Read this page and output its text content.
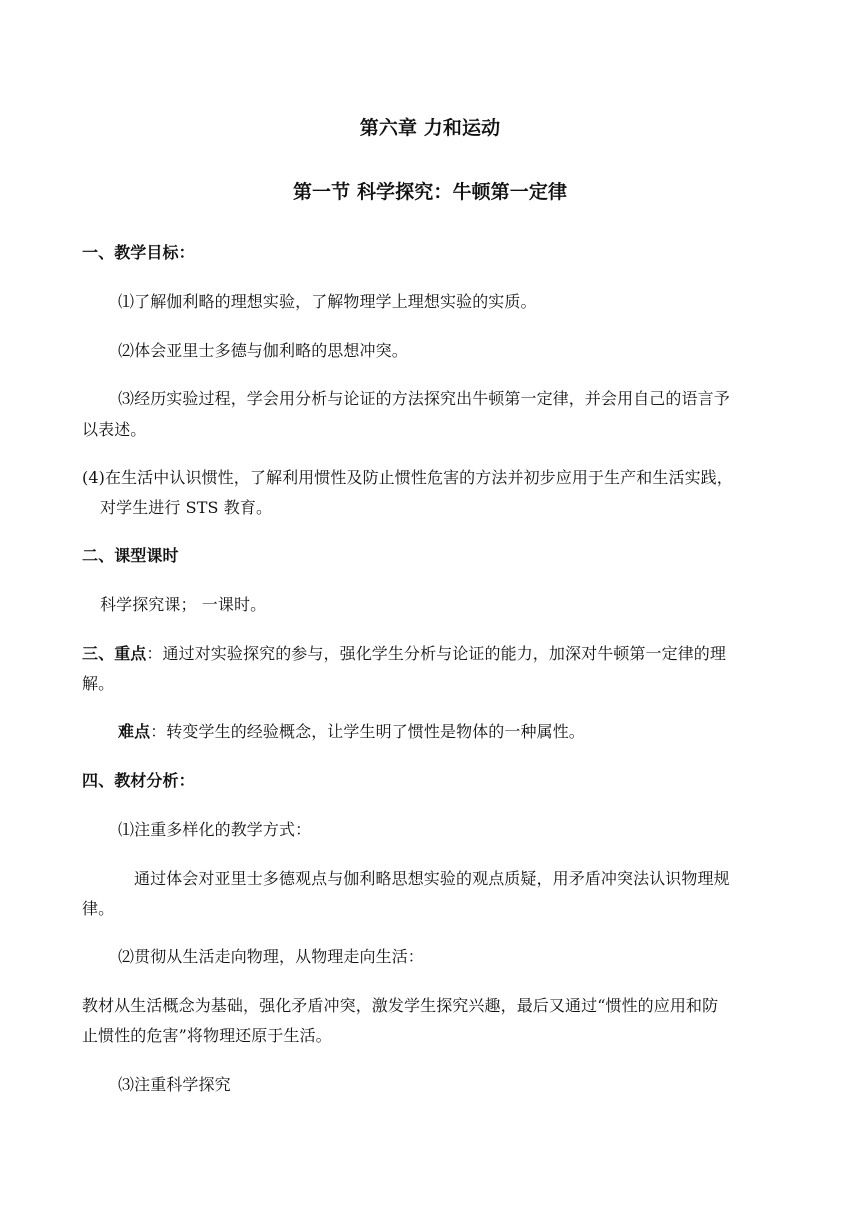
第六章 力和运动
第一节 科学探究：牛顿第一定律
一、教学目标：
⑴了解伽利略的理想实验，了解物理学上理想实验的实质。
⑵体会亚里士多德与伽利略的思想冲突。
⑶经历实验过程，学会用分析与论证的方法探究出牛顿第一定律，并会用自己的语言予
以表述。
(4)在生活中认识惯性，了解利用惯性及防止惯性危害的方法并初步应用于生产和生活实践，
对学生进行 STS 教育。
二、课型课时
科学探究课； 一课时。
三、重点：通过对实验探究的参与，强化学生分析与论证的能力，加深对牛顿第一定律的理
解。
难点：转变学生的经验概念，让学生明了惯性是物体的一种属性。
四、教材分析：
⑴注重多样化的教学方式：
通过体会对亚里士多德观点与伽利略思想实验的观点质疑，用矛盾冲突法认识物理规
律。
⑵贯彻从生活走向物理，从物理走向生活：
教材从生活概念为基础，强化矛盾冲突，激发学生探究兴趣，最后又通过“惯性的应用和防
止惯性的危害”将物理还原于生活。
⑶注重科学探究
